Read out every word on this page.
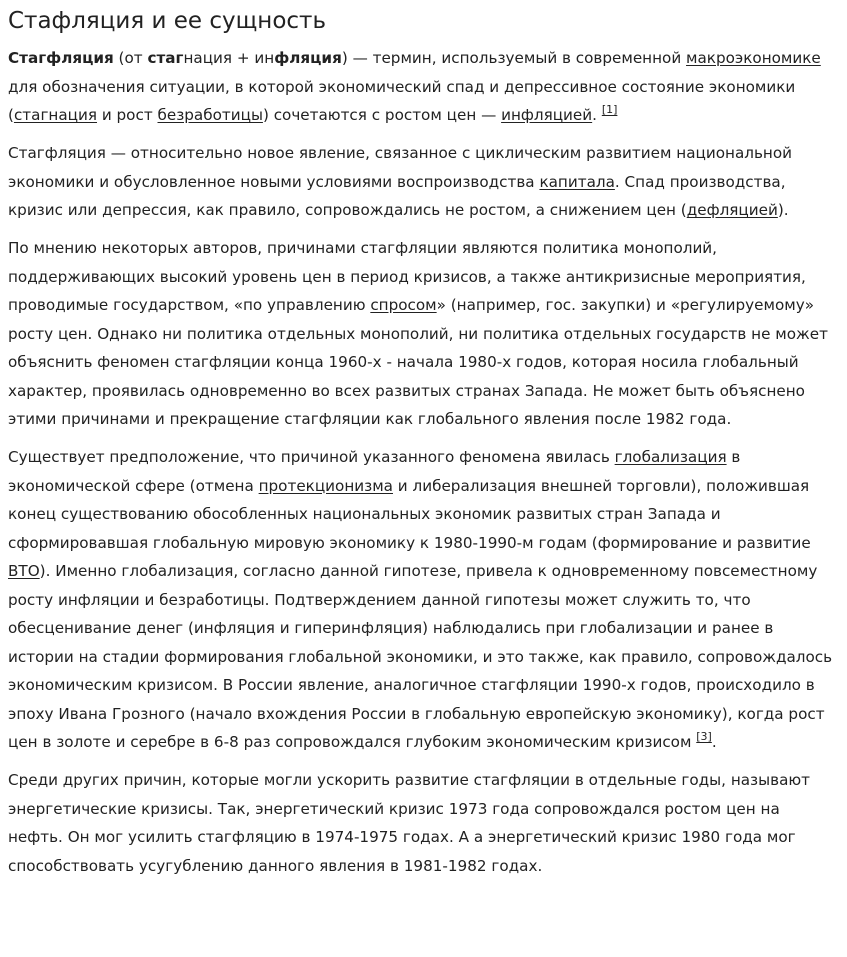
Стафляция и ее сущность

Стагфляция (от стагнация + инфляция) — термин, используемый в современной макроэкономике для обозначения ситуации, в которой экономический спад и депрессивное состояние экономики (стагнация и рост безработицы) сочетаются с ростом цен — инфляцией. [1]

Стагфляция — относительно новое явление, связанное с циклическим развитием национальной экономики и обусловленное новыми условиями воспроизводства капитала. Спад производства, кризис или депрессия, как правило, сопровождались не ростом, а снижением цен (дефляцией).

По мнению некоторых авторов, причинами стагфляции являются политика монополий, поддерживающих высокий уровень цен в период кризисов, а также антикризисные мероприятия, проводимые государством, «по управлению спросом» (например, гос. закупки) и «регулируемому» росту цен. Однако ни политика отдельных монополий, ни политика отдельных государств не может объяснить феномен стагфляции конца 1960-х - начала 1980-х годов, которая носила глобальный характер, проявилась одновременно во всех развитых странах Запада. Не может быть объяснено этими причинами и прекращение стагфляции как глобального явления после 1982 года.

Существует предположение, что причиной указанного феномена явилась глобализация в экономической сфере (отмена протекционизма и либерализация внешней торговли), положившая конец существованию обособленных национальных экономик развитых стран Запада и сформировавшая глобальную мировую экономику к 1980-1990-м годам (формирование и развитие ВТО). Именно глобализация, согласно данной гипотезе, привела к одновременному повсеместному росту инфляции и безработицы. Подтверждением данной гипотезы может служить то, что обесценивание денег (инфляция и гиперинфляция) наблюдались при глобализации и ранее в истории на стадии формирования глобальной экономики, и это также, как правило, сопровождалось экономическим кризисом. В России явление, аналогичное стагфляции 1990-х годов, происходило в эпоху Ивана Грозного (начало вхождения России в глобальную европейскую экономику), когда рост цен в золоте и серебре в 6-8 раз сопровождался глубоким экономическим кризисом [3].

Среди других причин, которые могли ускорить развитие стагфляции в отдельные годы, называют энергетические кризисы. Так, энергетический кризис 1973 года сопровождался ростом цен на нефть. Он мог усилить стагфляцию в 1974-1975 годах. А а энергетический кризис 1980 года мог способствовать усугублению данного явления в 1981-1982 годах.
